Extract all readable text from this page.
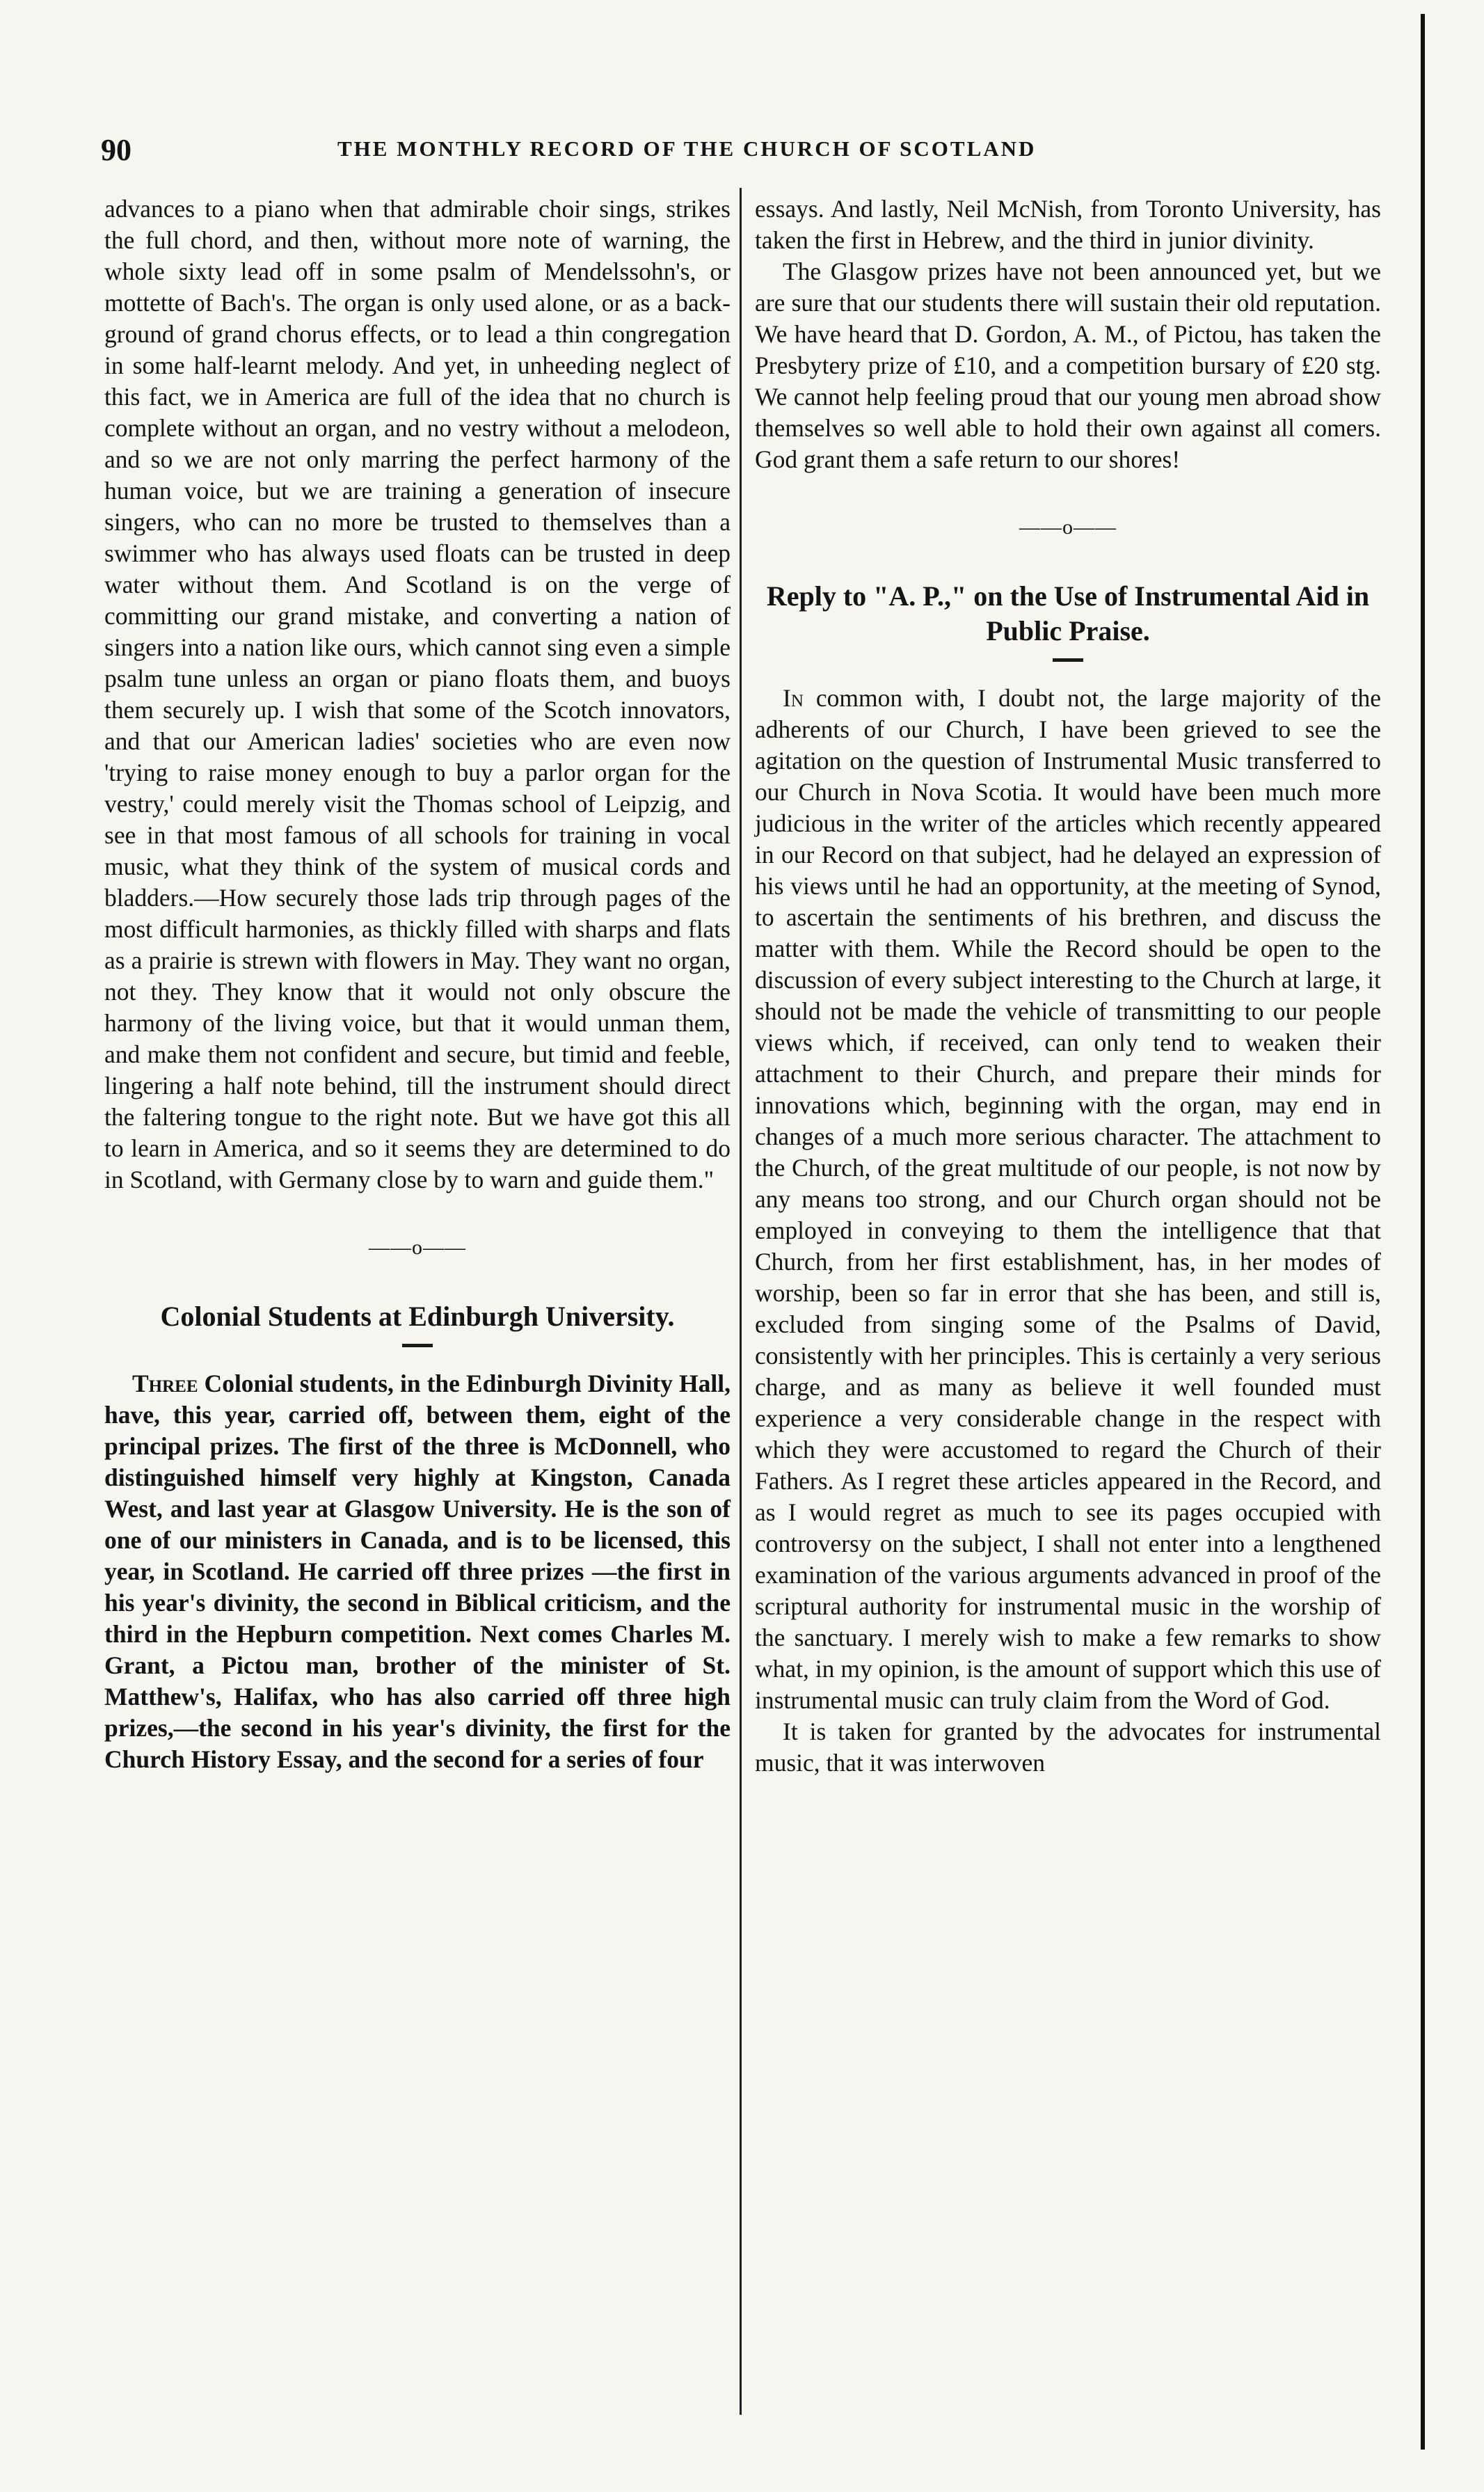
90	THE MONTHLY RECORD OF THE CHURCH OF SCOTLAND

advances to a piano when that admirable choir sings, strikes the full chord, and then, without more note of warning, the whole sixty lead off in some psalm of Mendelssohn's, or mottette of Bach's. The organ is only used alone, or as a back-ground of grand chorus effects, or to lead a thin congregation in some half-learnt melody. And yet, in unheeding neglect of this fact, we in America are full of the idea that no church is complete without an organ, and no vestry without a melodeon, and so we are not only marring the perfect harmony of the human voice, but we are training a generation of insecure singers, who can no more be trusted to themselves than a swimmer who has always used floats can be trusted in deep water without them. And Scotland is on the verge of committing our grand mistake, and converting a nation of singers into a nation like ours, which cannot sing even a simple psalm tune unless an organ or piano floats them, and buoys them securely up. I wish that some of the Scotch innovators, and that our American ladies' societies who are even now 'trying to raise money enough to buy a parlor organ for the vestry,' could merely visit the Thomas school of Leipzig, and see in that most famous of all schools for training in vocal music, what they think of the system of musical cords and bladders.—How securely those lads trip through pages of the most difficult harmonies, as thickly filled with sharps and flats as a prairie is strewn with flowers in May. They want no organ, not they. They know that it would not only obscure the harmony of the living voice, but that it would unman them, and make them not confident and secure, but timid and feeble, lingering a half note behind, till the instrument should direct the faltering tongue to the right note. But we have got this all to learn in America, and so it seems they are determined to do in Scotland, with Germany close by to warn and guide them."

——o——
Colonial Students at Edinburgh University.

Three Colonial students, in the Edinburgh Divinity Hall, have, this year, carried off, between them, eight of the principal prizes. The first of the three is McDonnell, who distinguished himself very highly at Kingston, Canada West, and last year at Glasgow University. He is the son of one of our ministers in Canada, and is to be licensed, this year, in Scotland. He carried off three prizes —the first in his year's divinity, the second in Biblical criticism, and the third in the Hepburn competition. Next comes Charles M. Grant, a Pictou man, brother of the minister of St. Matthew's, Halifax, who has also carried off three high prizes,—the second in his year's divinity, the first for the Church History Essay, and the second for a series of four

essays. And lastly, Neil McNish, from Toronto University, has taken the first in Hebrew, and the third in junior divinity.

The Glasgow prizes have not been announced yet, but we are sure that our students there will sustain their old reputation. We have heard that D. Gordon, A. M., of Pictou, has taken the Presbytery prize of £10, and a competition bursary of £20 stg. We cannot help feeling proud that our young men abroad show themselves so well able to hold their own against all comers. God grant them a safe return to our shores!

——o——
Reply to "A. P.," on the Use of Instrumental Aid in Public Praise.

In common with, I doubt not, the large majority of the adherents of our Church, I have been grieved to see the agitation on the question of Instrumental Music transferred to our Church in Nova Scotia. It would have been much more judicious in the writer of the articles which recently appeared in our Record on that subject, had he delayed an expression of his views until he had an opportunity, at the meeting of Synod, to ascertain the sentiments of his brethren, and discuss the matter with them. While the Record should be open to the discussion of every subject interesting to the Church at large, it should not be made the vehicle of transmitting to our people views which, if received, can only tend to weaken their attachment to their Church, and prepare their minds for innovations which, beginning with the organ, may end in changes of a much more serious character. The attachment to the Church, of the great multitude of our people, is not now by any means too strong, and our Church organ should not be employed in conveying to them the intelligence that that Church, from her first establishment, has, in her modes of worship, been so far in error that she has been, and still is, excluded from singing some of the Psalms of David, consistently with her principles. This is certainly a very serious charge, and as many as believe it well founded must experience a very considerable change in the respect with which they were accustomed to regard the Church of their Fathers. As I regret these articles appeared in the Record, and as I would regret as much to see its pages occupied with controversy on the subject, I shall not enter into a lengthened examination of the various arguments advanced in proof of the scriptural authority for instrumental music in the worship of the sanctuary. I merely wish to make a few remarks to show what, in my opinion, is the amount of support which this use of instrumental music can truly claim from the Word of God.

It is taken for granted by the advocates for instrumental music, that it was interwoven
